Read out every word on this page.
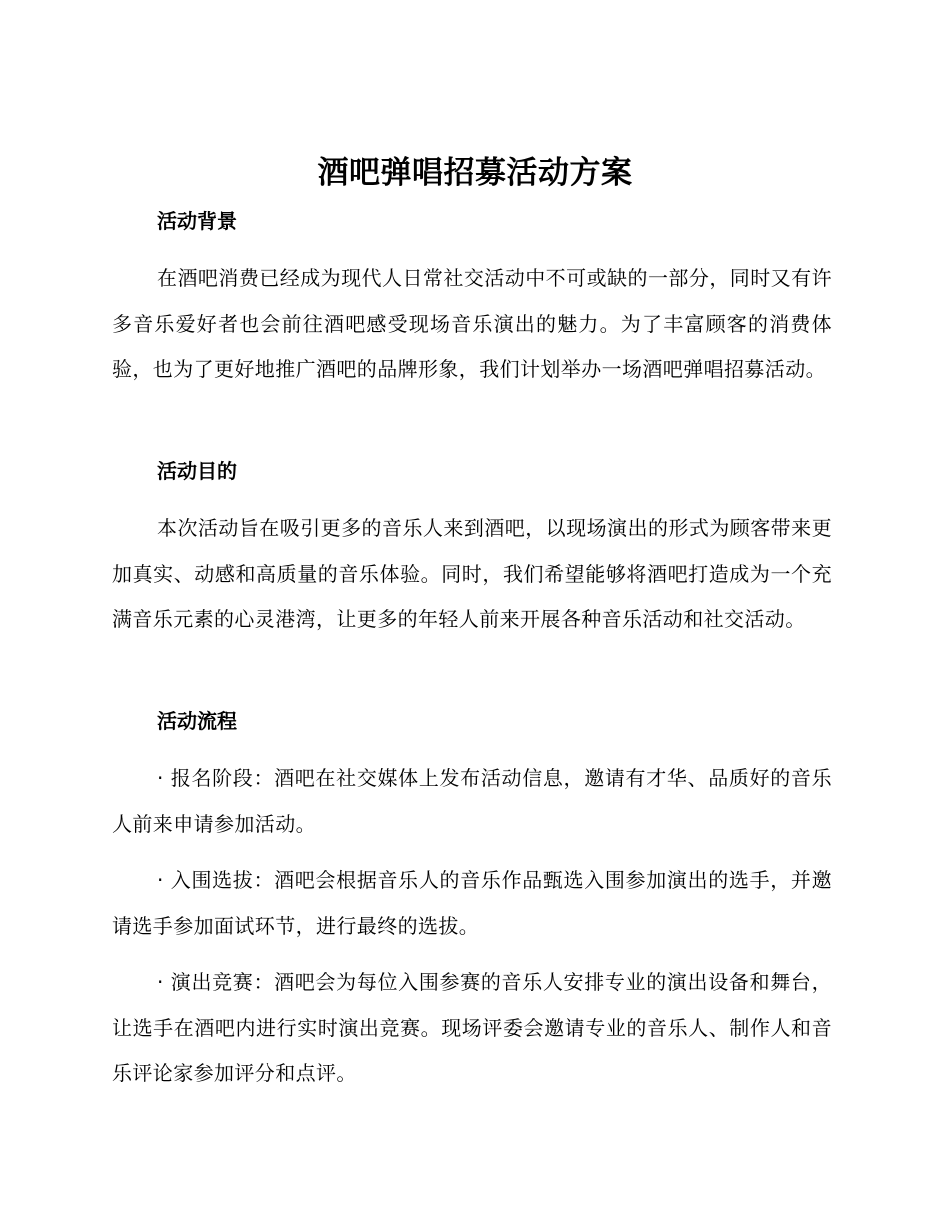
酒吧弹唱招募活动方案
活动背景

在酒吧消费已经成为现代人日常社交活动中不可或缺的一部分，同时又有许多音乐爱好者也会前往酒吧感受现场音乐演出的魅力。为了丰富顾客的消费体验，也为了更好地推广酒吧的品牌形象，我们计划举办一场酒吧弹唱招募活动。

活动目的

本次活动旨在吸引更多的音乐人来到酒吧，以现场演出的形式为顾客带来更加真实、动感和高质量的音乐体验。同时，我们希望能够将酒吧打造成为一个充满音乐元素的心灵港湾，让更多的年轻人前来开展各种音乐活动和社交活动。

活动流程

· 报名阶段：酒吧在社交媒体上发布活动信息，邀请有才华、品质好的音乐人前来申请参加活动。

· 入围选拔：酒吧会根据音乐人的音乐作品甄选入围参加演出的选手，并邀请选手参加面试环节，进行最终的选拔。

· 演出竞赛：酒吧会为每位入围参赛的音乐人安排专业的演出设备和舞台，让选手在酒吧内进行实时演出竞赛。现场评委会邀请专业的音乐人、制作人和音乐评论家参加评分和点评。
